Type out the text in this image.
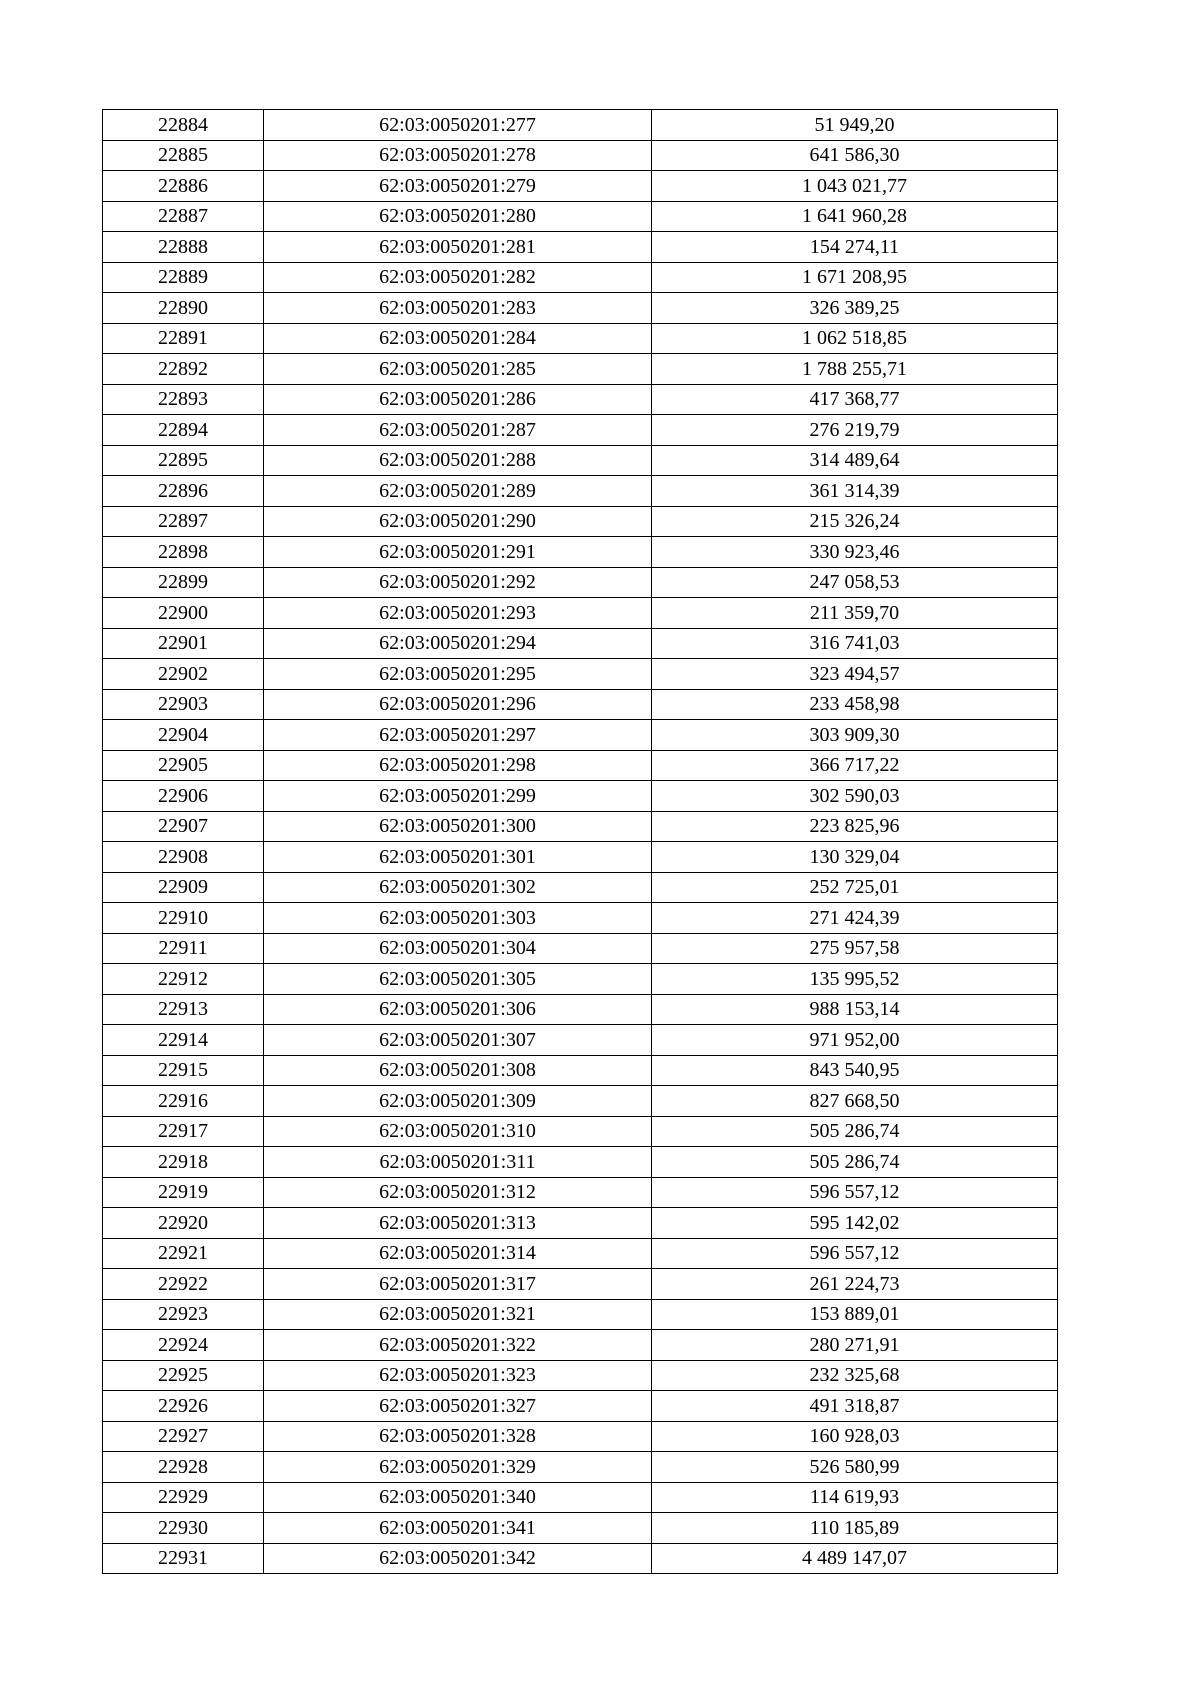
22884	62:03:0050201:277	51 949,20
22885	62:03:0050201:278	641 586,30
22886	62:03:0050201:279	1 043 021,77
22887	62:03:0050201:280	1 641 960,28
22888	62:03:0050201:281	154 274,11
22889	62:03:0050201:282	1 671 208,95
22890	62:03:0050201:283	326 389,25
22891	62:03:0050201:284	1 062 518,85
22892	62:03:0050201:285	1 788 255,71
22893	62:03:0050201:286	417 368,77
22894	62:03:0050201:287	276 219,79
22895	62:03:0050201:288	314 489,64
22896	62:03:0050201:289	361 314,39
22897	62:03:0050201:290	215 326,24
22898	62:03:0050201:291	330 923,46
22899	62:03:0050201:292	247 058,53
22900	62:03:0050201:293	211 359,70
22901	62:03:0050201:294	316 741,03
22902	62:03:0050201:295	323 494,57
22903	62:03:0050201:296	233 458,98
22904	62:03:0050201:297	303 909,30
22905	62:03:0050201:298	366 717,22
22906	62:03:0050201:299	302 590,03
22907	62:03:0050201:300	223 825,96
22908	62:03:0050201:301	130 329,04
22909	62:03:0050201:302	252 725,01
22910	62:03:0050201:303	271 424,39
22911	62:03:0050201:304	275 957,58
22912	62:03:0050201:305	135 995,52
22913	62:03:0050201:306	988 153,14
22914	62:03:0050201:307	971 952,00
22915	62:03:0050201:308	843 540,95
22916	62:03:0050201:309	827 668,50
22917	62:03:0050201:310	505 286,74
22918	62:03:0050201:311	505 286,74
22919	62:03:0050201:312	596 557,12
22920	62:03:0050201:313	595 142,02
22921	62:03:0050201:314	596 557,12
22922	62:03:0050201:317	261 224,73
22923	62:03:0050201:321	153 889,01
22924	62:03:0050201:322	280 271,91
22925	62:03:0050201:323	232 325,68
22926	62:03:0050201:327	491 318,87
22927	62:03:0050201:328	160 928,03
22928	62:03:0050201:329	526 580,99
22929	62:03:0050201:340	114 619,93
22930	62:03:0050201:341	110 185,89
22931	62:03:0050201:342	4 489 147,07
